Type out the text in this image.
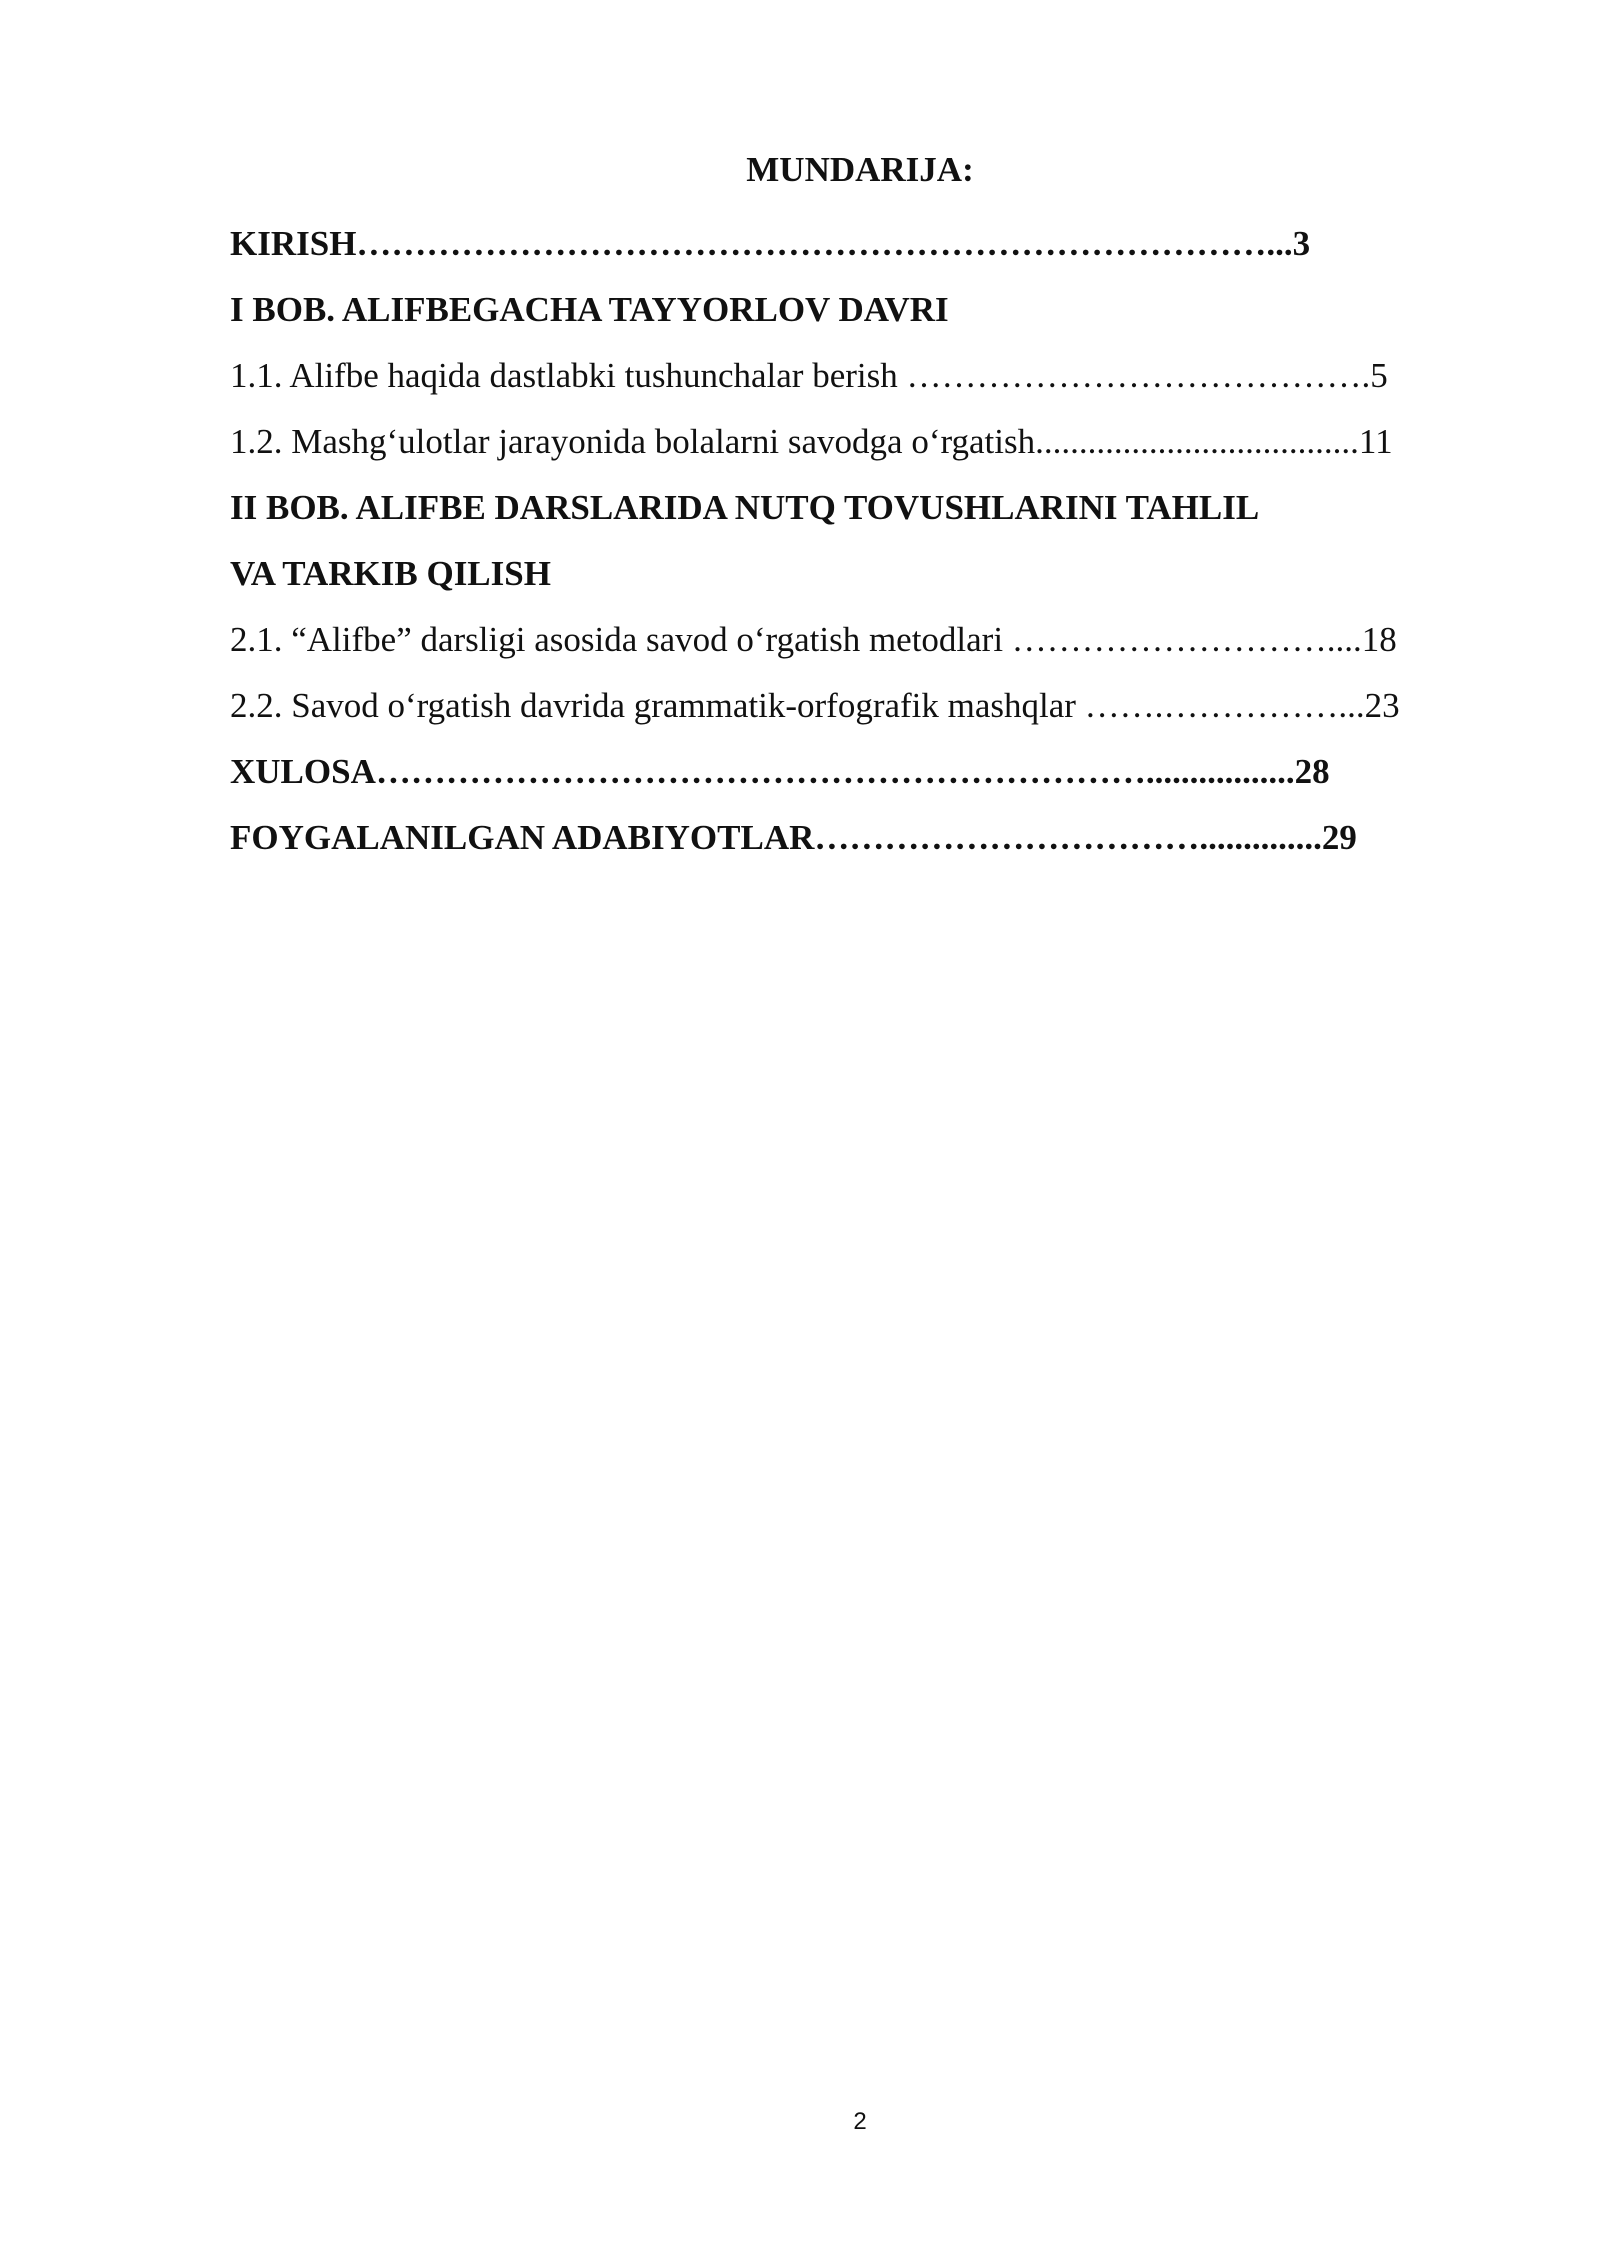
MUNDARIJA:
KIRISH……………………………………………………………………...3
I BOB. ALIFBEGACHA TAYYORLOV DAVRI
1.1. Alifbe haqida dastlabki tushunchalar berish ………………………………….5
1.2. Mashg‘ulotlar jarayonida bolalarni savodga o‘rgatish.....................................11
II BOB. ALIFBE DARSLARIDA NUTQ TOVUSHLARINI TAHLIL
VA TARKIB QILISH
2.1. “Alifbe” darsligi asosida savod o‘rgatish metodlari ………………………....18
2.2. Savod o‘rgatish davrida grammatik-orfografik mashqlar …….……………...23
XULOSA………………………………………………………….................28
FOYGALANILGAN ADABIYOTLAR……………………………..............29
2
